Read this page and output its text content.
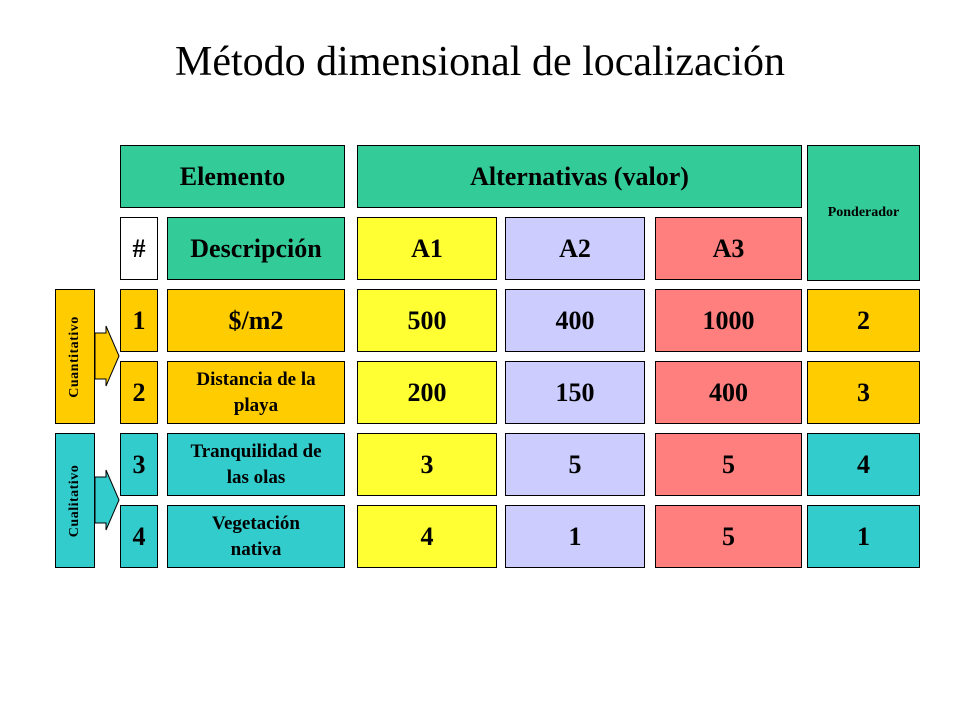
Método dimensional de localización
Elemento	Alternativas (valor)
Ponderador
#	Descripción	A1	A2	A3
1	$/m2	500	400	1000	2
2	Distancia de la playa	200	150	400	3
3	Tranquilidad de las olas	3	5	5	4
4	Vegetación nativa	4	1	5	1
Cuantitativo
Cualitativo
